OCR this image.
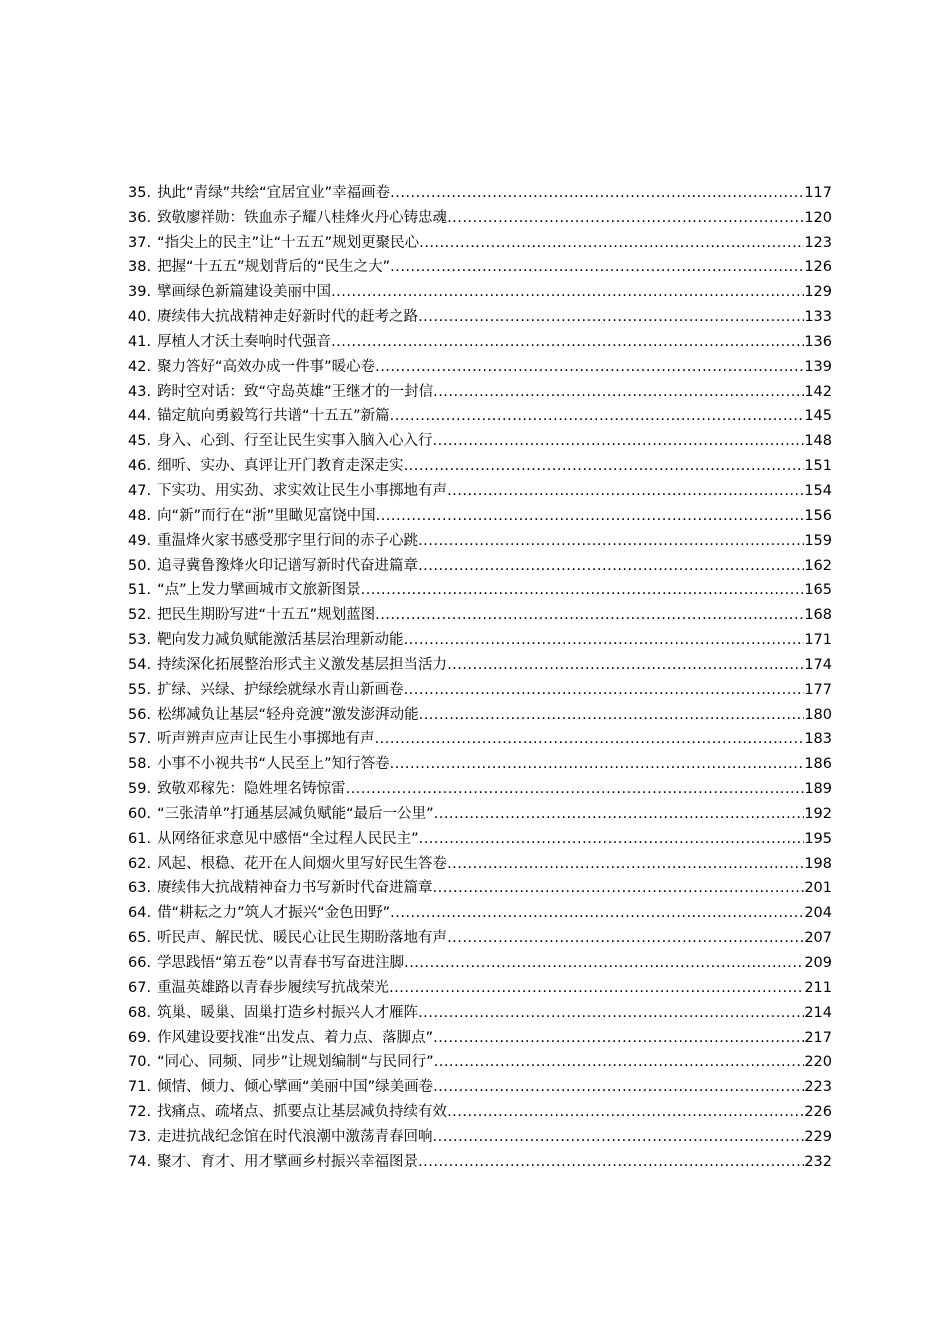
35. 执此“青绿”共绘“宜居宜业”幸福画卷 .....	117
36. 致敬廖祥勋：铁血赤子耀八桂烽火丹心铸忠魂 .....	120
37. “指尖上的民主”让“十五五”规划更聚民心 .....	123
38. 把握“十五五”规划背后的“民生之大” .....	126
39. 擘画绿色新篇建设美丽中国 .....	129
40. 赓续伟大抗战精神走好新时代的赶考之路 .....	133
41. 厚植人才沃土奏响时代强音 .....	136
42. 聚力答好“高效办成一件事”暖心卷 .....	139
43. 跨时空对话：致“守岛英雄”王继才的一封信 .....	142
44. 锚定航向勇毅笃行共谱“十五五”新篇 .....	145
45. 身入、心到、行至让民生实事入脑入心入行 .....	148
46. 细听、实办、真评让开门教育走深走实 .....	151
47. 下实功、用实劲、求实效让民生小事掷地有声 .....	154
48. 向“新”而行在“浙”里瞰见富饶中国 .....	156
49. 重温烽火家书感受那字里行间的赤子心跳 .....	159
50. 追寻冀鲁豫烽火印记谱写新时代奋进篇章 .....	162
51. “点”上发力擘画城市文旅新图景 .....	165
52. 把民生期盼写进“十五五”规划蓝图 .....	168
53. 靶向发力减负赋能激活基层治理新动能 .....	171
54. 持续深化拓展整治形式主义激发基层担当活力 .....	174
55. 扩绿、兴绿、护绿绘就绿水青山新画卷 .....	177
56. 松绑减负让基层“轻舟竞渡”激发澎湃动能 .....	180
57. 听声辨声应声让民生小事掷地有声 .....	183
58. 小事不小视共书“人民至上”知行答卷 .....	186
59. 致敬邓稼先：隐姓埋名铸惊雷 .....	189
60. “三张清单”打通基层减负赋能“最后一公里” .....	192
61. 从网络征求意见中感悟“全过程人民民主” .....	195
62. 风起、根稳、花开在人间烟火里写好民生答卷 .....	198
63. 赓续伟大抗战精神奋力书写新时代奋进篇章 .....	201
64. 借“耕耘之力”筑人才振兴“金色田野” .....	204
65. 听民声、解民忧、暖民心让民生期盼落地有声 .....	207
66. 学思践悟“第五卷”以青春书写奋进注脚 .....	209
67. 重温英雄路以青春步履续写抗战荣光 .....	211
68. 筑巢、暖巢、固巢打造乡村振兴人才雁阵 .....	214
69. 作风建设要找准“出发点、着力点、落脚点” .....	217
70. “同心、同频、同步”让规划编制“与民同行” .....	220
71. 倾情、倾力、倾心擘画“美丽中国”绿美画卷 .....	223
72. 找痛点、疏堵点、抓要点让基层减负持续有效 .....	226
73. 走进抗战纪念馆在时代浪潮中激荡青春回响 .....	229
74. 聚才、育才、用才擘画乡村振兴幸福图景 .....	232
